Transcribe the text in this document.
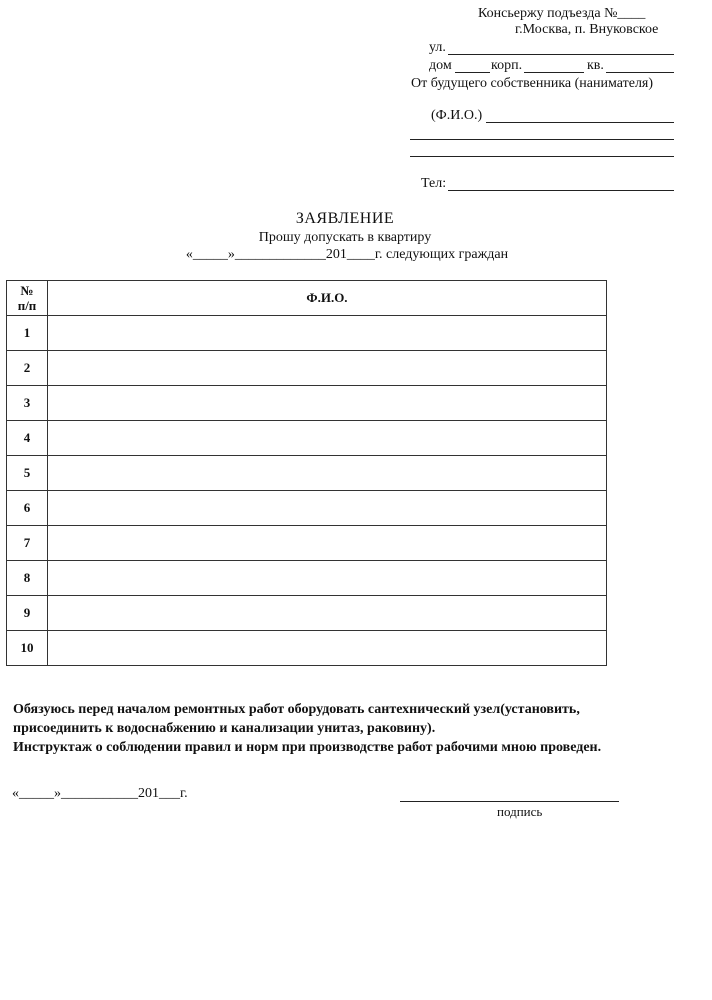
Консьержу подъезда №____
г.Москва, п. Внуковское
ул.
дом	корп.	кв.
От будущего собственника (нанимателя)
(Ф.И.О.)
Тел:
ЗАЯВЛЕНИЕ
Прошу допускать в квартиру
«_____»_____________201____г. следующих граждан
№
п/п	Ф.И.О.
1	
2	
3	
4	
5	
6	
7	
8	
9	
10	
Обязуюсь перед началом ремонтных работ оборудовать сантехнический узел(установить,
присоединить к водоснабжению и канализации унитаз, раковину).
Инструктаж о соблюдении правил и норм при производстве работ рабочими мною проведен.
«_____»___________201___г.
подпись
